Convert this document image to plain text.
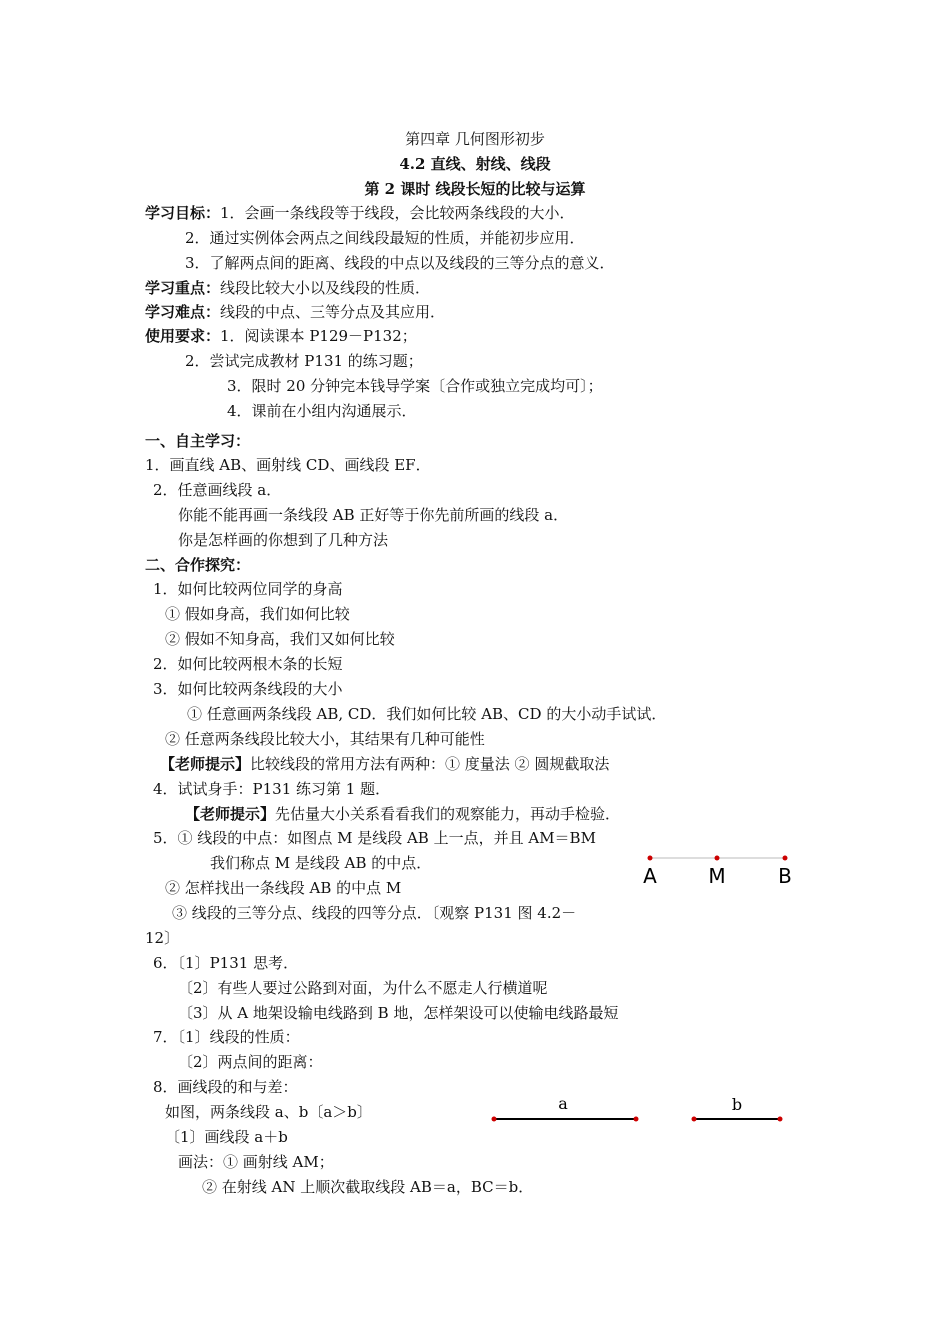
第四章 几何图形初步
4.2 直线、射线、线段
第 2 课时 线段长短的比较与运算
学习目标：1．会画一条线段等于线段，会比较两条线段的大小．
2．通过实例体会两点之间线段最短的性质，并能初步应用．
3．了解两点间的距离、线段的中点以及线段的三等分点的意义．
学习重点：线段比较大小以及线段的性质．
学习难点：线段的中点、三等分点及其应用．
使用要求：1．阅读课本 P129－P132；
2．尝试完成教材 P131 的练习题；
3．限时 20 分钟完本钱导学案〔合作或独立完成均可〕；
4．课前在小组内沟通展示．
一、自主学习：
1．画直线 AB、画射线 CD、画线段 EF．
2．任意画线段 a．
你能不能再画一条线段 AB 正好等于你先前所画的线段 a．
你是怎样画的你想到了几种方法
二、合作探究：
1．如何比较两位同学的身高
① 假如身高，我们如何比较
② 假如不知身高，我们又如何比较
2．如何比较两根木条的长短
3．如何比较两条线段的大小
① 任意画两条线段 AB, CD．我们如何比较 AB、CD 的大小动手试试．
② 任意两条线段比较大小，其结果有几种可能性
【老师提示】比较线段的常用方法有两种：① 度量法 ② 圆规截取法
4．试试身手：P131 练习第 1 题．
【老师提示】先估量大小关系看看我们的观察能力，再动手检验．
5．① 线段的中点：如图点 M 是线段 AB 上一点，并且 AM＝BM
我们称点 M 是线段 AB 的中点．
② 怎样找出一条线段 AB 的中点 M
③ 线段的三等分点、线段的四等分点．〔观察 P131 图 4.2－
12〕
6．〔1〕P131 思考．
〔2〕有些人要过公路到对面，为什么不愿走人行横道呢
〔3〕从 A 地架设输电线路到 B 地，怎样架设可以使输电线路最短
7．〔1〕线段的性质：
〔2〕两点间的距离：
8．画线段的和与差：
如图，两条线段 a、b〔a＞b〕
〔1〕画线段 a＋b
画法：① 画射线 AM；
② 在射线 AN 上顺次截取线段 AB＝a，BC＝b．
A	M	B
a	b
